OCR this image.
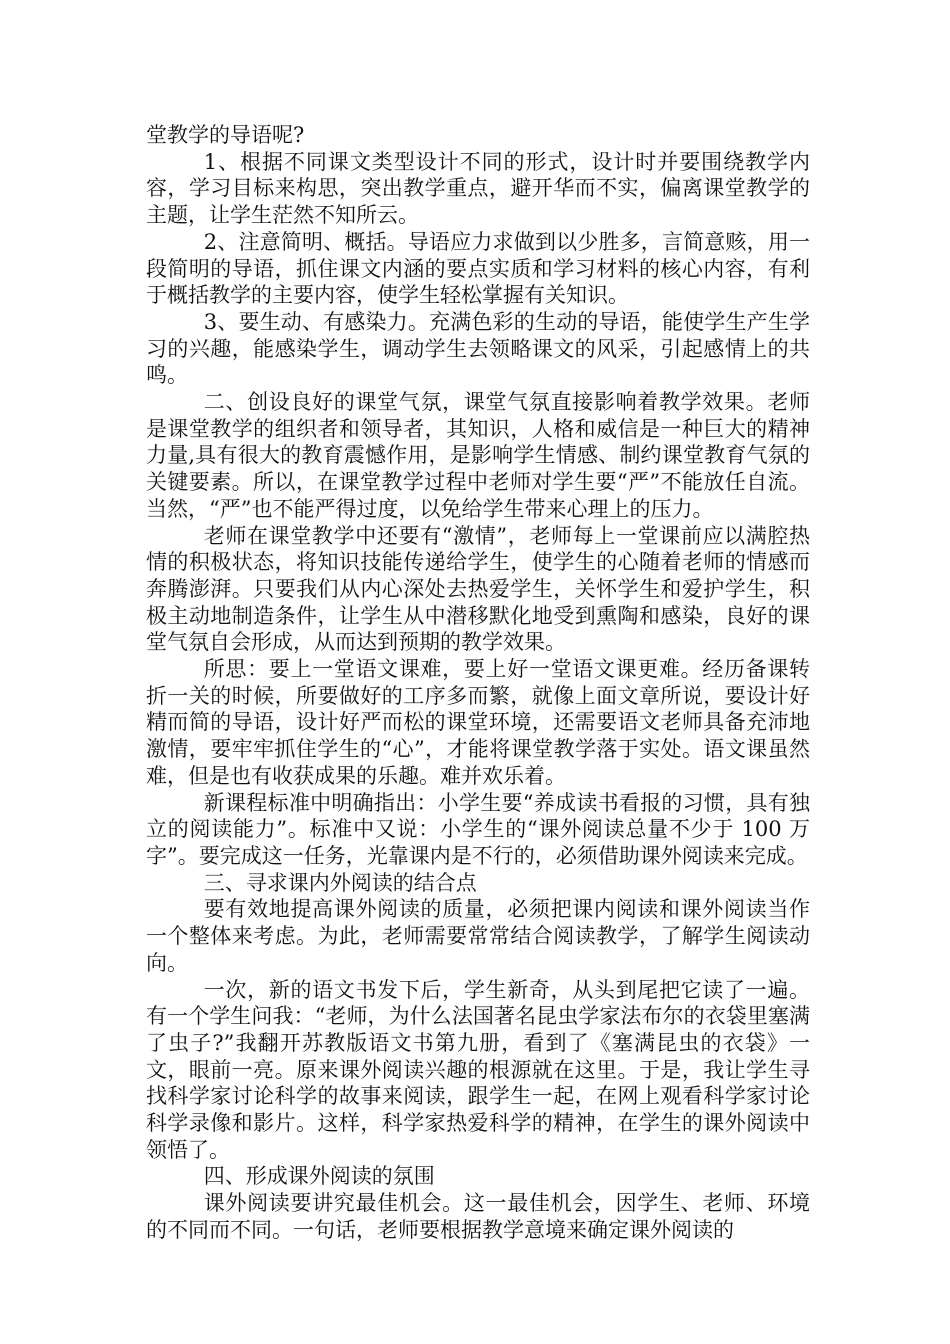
堂教学的导语呢?

1、根据不同课文类型设计不同的形式，设计时并要围绕教学内容，学习目标来构思，突出教学重点，避开华而不实，偏离课堂教学的主题，让学生茫然不知所云。

2、注意简明、概括。导语应力求做到以少胜多，言简意赅，用一段简明的导语，抓住课文内涵的要点实质和学习材料的核心内容，有利于概括教学的主要内容，使学生轻松掌握有关知识。

3、要生动、有感染力。充满色彩的生动的导语，能使学生产生学习的兴趣，能感染学生，调动学生去领略课文的风采，引起感情上的共鸣。

二、创设良好的课堂气氛，课堂气氛直接影响着教学效果。老师是课堂教学的组织者和领导者，其知识，人格和威信是一种巨大的精神力量,具有很大的教育震憾作用，是影响学生情感、制约课堂教育气氛的关键要素。所以，在课堂教学过程中老师对学生要“严”不能放任自流。当然，“严”也不能严得过度，以免给学生带来心理上的压力。

老师在课堂教学中还要有“激情”，老师每上一堂课前应以满腔热情的积极状态，将知识技能传递给学生，使学生的心随着老师的情感而奔腾澎湃。只要我们从内心深处去热爱学生，关怀学生和爱护学生，积极主动地制造条件，让学生从中潜移默化地受到熏陶和感染，良好的课堂气氛自会形成，从而达到预期的教学效果。

所思：要上一堂语文课难，要上好一堂语文课更难。经历备课转折一关的时候，所要做好的工序多而繁，就像上面文章所说，要设计好精而简的导语，设计好严而松的课堂环境，还需要语文老师具备充沛地激情，要牢牢抓住学生的“心”，才能将课堂教学落于实处。语文课虽然难，但是也有收获成果的乐趣。难并欢乐着。

新课程标准中明确指出：小学生要“养成读书看报的习惯，具有独立的阅读能力”。标准中又说：小学生的“课外阅读总量不少于 100 万字”。要完成这一任务，光靠课内是不行的，必须借助课外阅读来完成。

三、寻求课内外阅读的结合点

要有效地提高课外阅读的质量，必须把课内阅读和课外阅读当作一个整体来考虑。为此，老师需要常常结合阅读教学，了解学生阅读动向。

一次，新的语文书发下后，学生新奇，从头到尾把它读了一遍。有一个学生问我：“老师，为什么法国著名昆虫学家法布尔的衣袋里塞满了虫子?”我翻开苏教版语文书第九册，看到了《塞满昆虫的衣袋》一文，眼前一亮。原来课外阅读兴趣的根源就在这里。于是，我让学生寻找科学家讨论科学的故事来阅读，跟学生一起，在网上观看科学家讨论科学录像和影片。这样，科学家热爱科学的精神，在学生的课外阅读中领悟了。

四、形成课外阅读的氛围

课外阅读要讲究最佳机会。这一最佳机会，因学生、老师、环境的不同而不同。一句话，老师要根据教学意境来确定课外阅读的
